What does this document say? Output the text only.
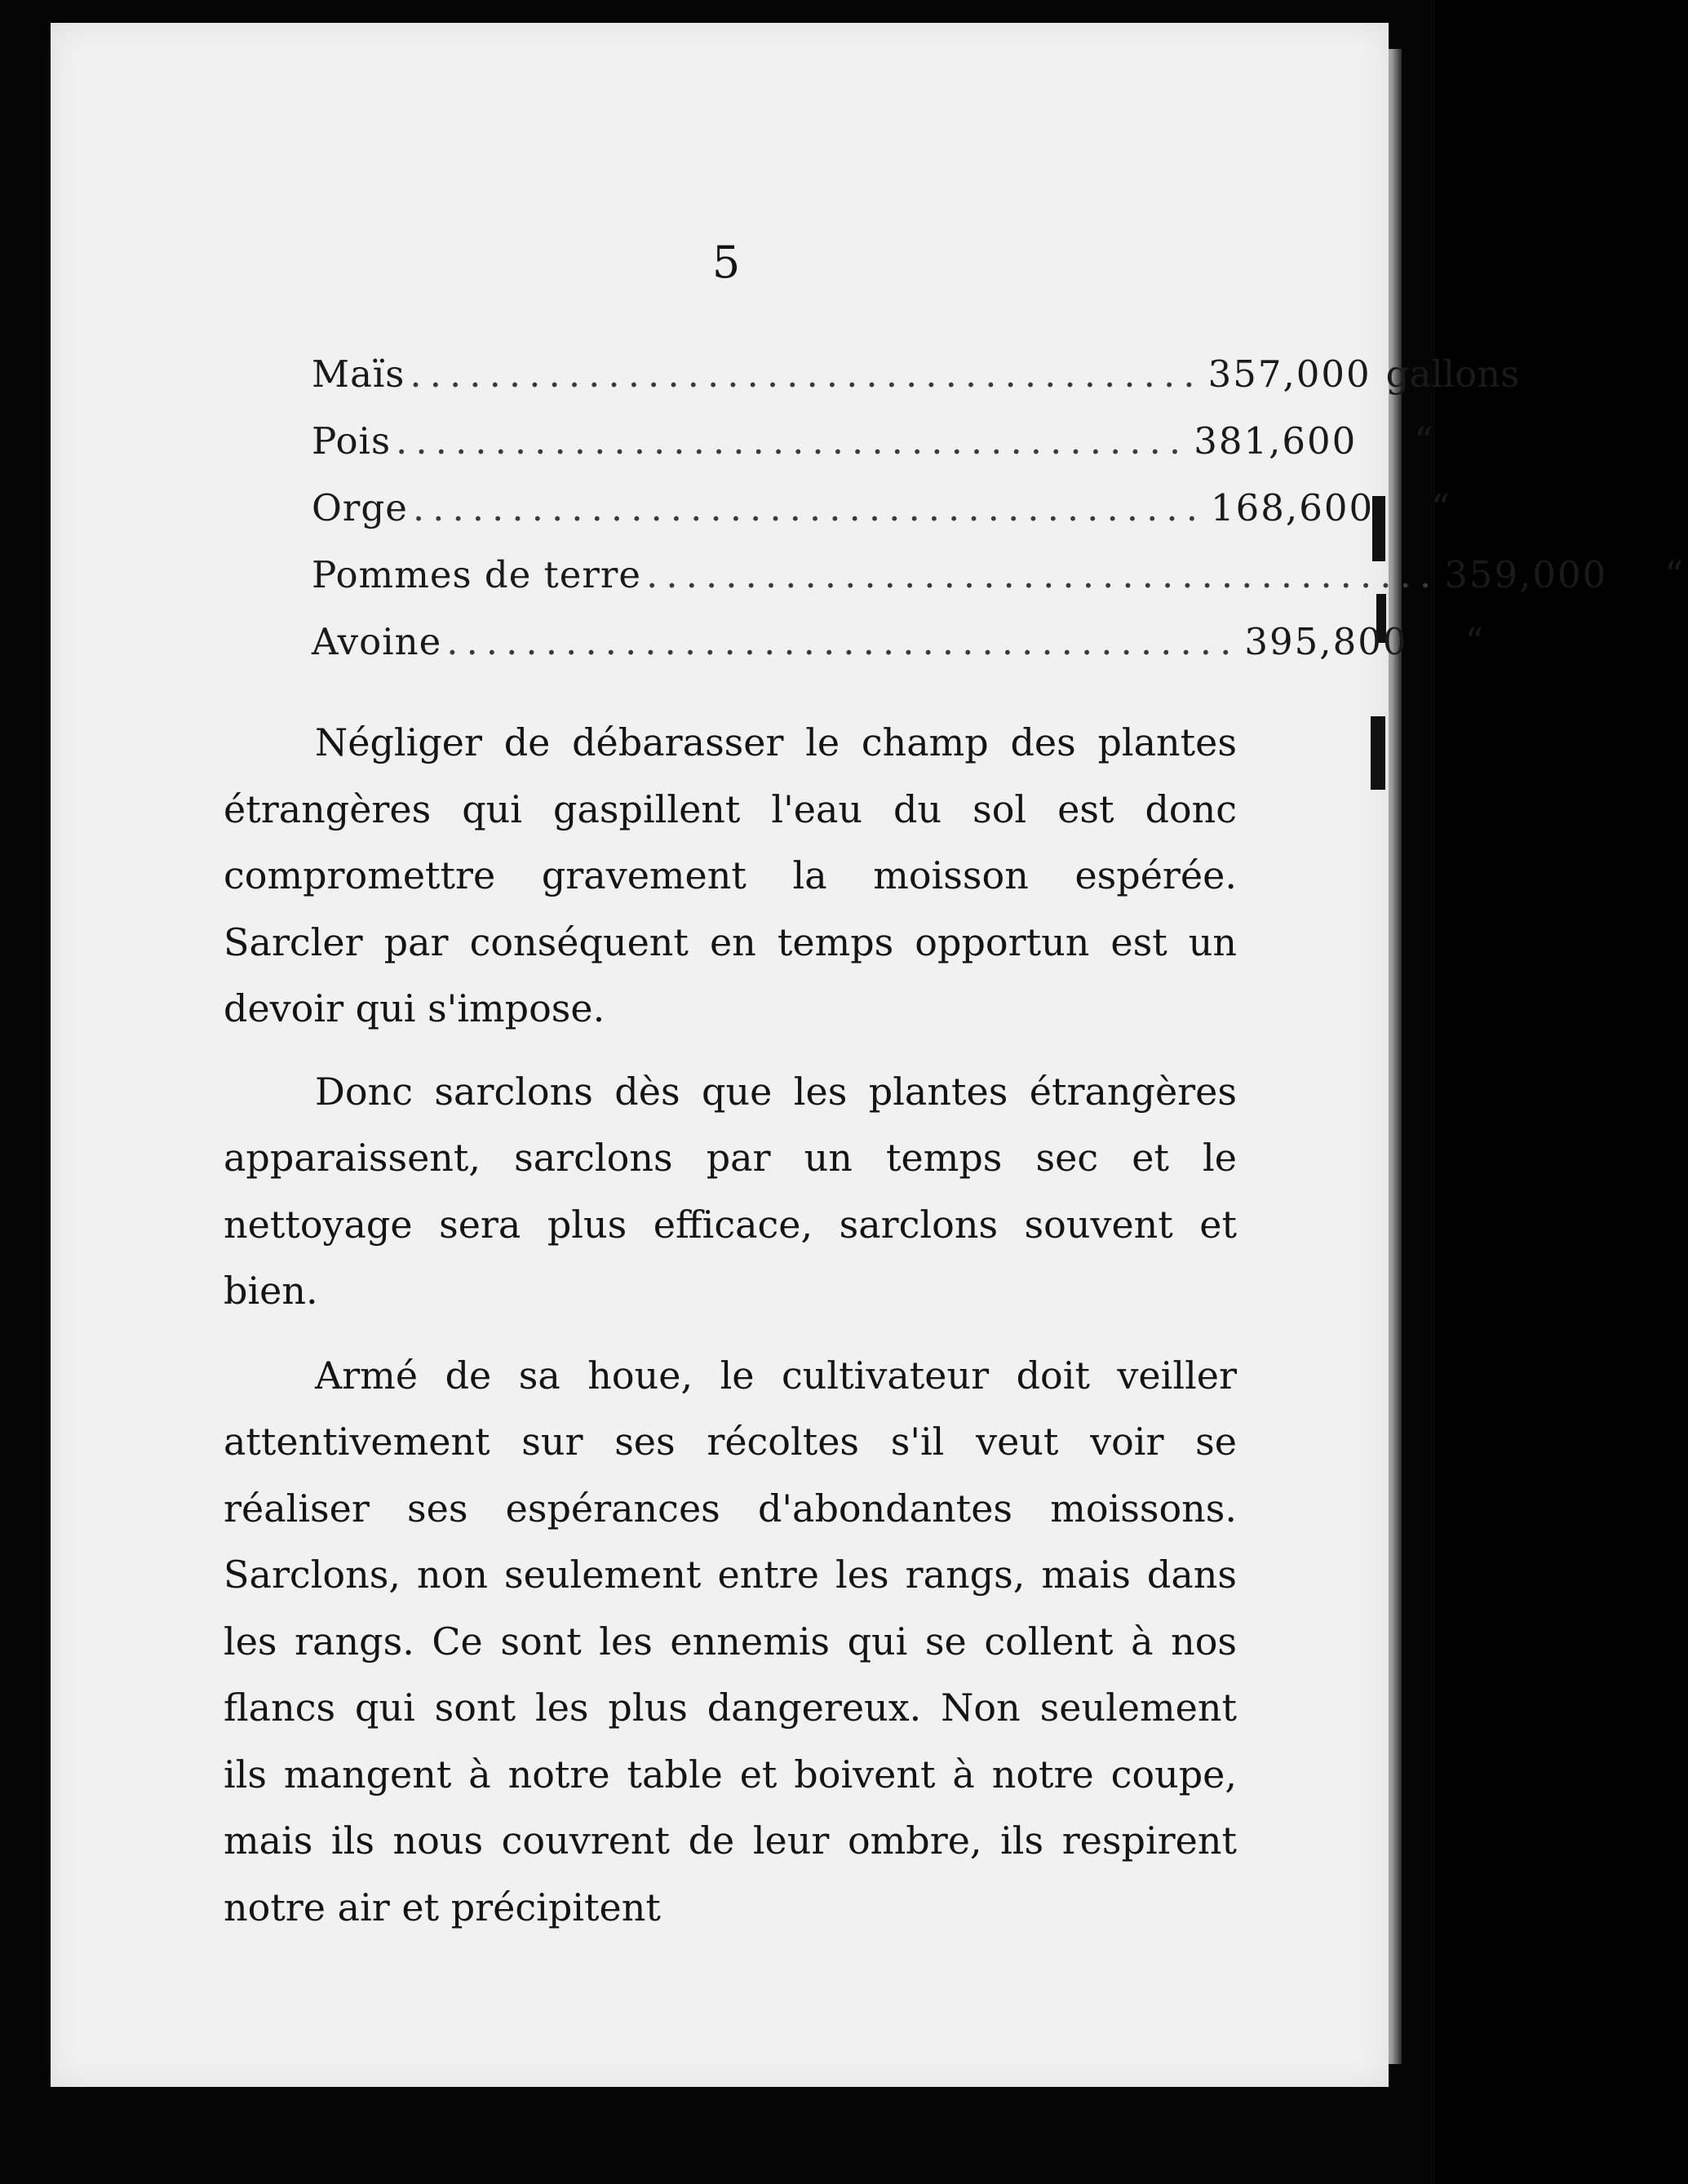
5
Maïs ........................................ 357,000 gallons
Pois ........................................ 381,600	“
Orge ........................................ 168,600	“
Pommes de terre ........................................ 359,000	“
Avoine ........................................ 395,800	“

Négliger de débarasser le champ des plantes étrangères qui gaspillent l'eau du sol est donc compromettre gravement la moisson espérée. Sarcler par conséquent en temps opportun est un devoir qui s'impose.

Donc sarclons dès que les plantes étrangères apparaissent, sarclons par un temps sec et le nettoyage sera plus efficace, sarclons souvent et bien.

Armé de sa houe, le cultivateur doit veiller attentivement sur ses récoltes s'il veut voir se réaliser ses espérances d'abondantes moissons. Sarclons, non seulement entre les rangs, mais dans les rangs. Ce sont les ennemis qui se collent à nos flancs qui sont les plus dangereux. Non seulement ils mangent à notre table et boivent à notre coupe, mais ils nous couvrent de leur ombre, ils respirent notre air et précipitent
